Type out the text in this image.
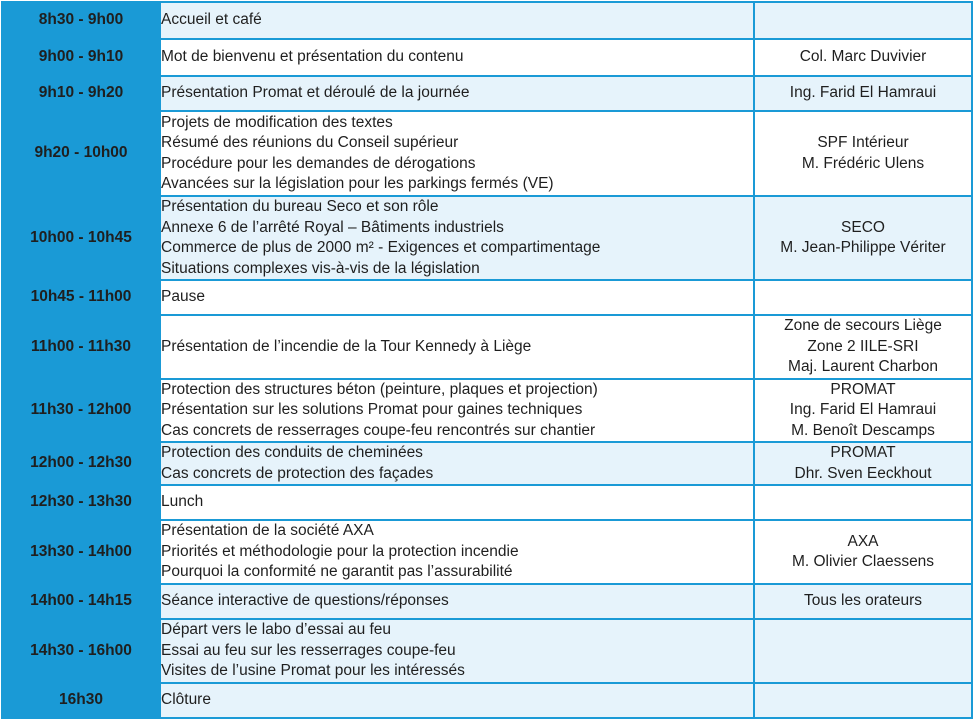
8h30 - 9h00	Accueil et café	

9h00 - 9h10	Mot de bienvenu et présentation du contenu	Col. Marc Duvivier

9h10 - 9h20	Présentation Promat et déroulé de la journée	Ing. Farid El Hamraui

9h20 - 10h00	Projets de modification des textes
Résumé des réunions du Conseil supérieur
Procédure pour les demandes de dérogations
Avancées sur la législation pour les parkings fermés (VE)	SPF Intérieur
M. Frédéric Ulens

10h00 - 10h45	Présentation du bureau Seco et son rôle
Annexe 6 de l’arrêté Royal – Bâtiments industriels
Commerce de plus de 2000 m² - Exigences et compartimentage
Situations complexes vis-à-vis de la législation	SECO
M. Jean-Philippe Vériter

10h45 - 11h00	Pause	

11h00 - 11h30	Présentation de l’incendie de la Tour Kennedy à Liège	Zone de secours Liège
Zone 2 IILE-SRI
Maj. Laurent Charbon

11h30 - 12h00	Protection des structures béton (peinture, plaques et projection)
Présentation sur les solutions Promat pour gaines techniques
Cas concrets de resserrages coupe-feu rencontrés sur chantier	PROMAT
Ing. Farid El Hamraui
M. Benoît Descamps

12h00 - 12h30	Protection des conduits de cheminées
Cas concrets de protection des façades	PROMAT
Dhr. Sven Eeckhout

12h30 - 13h30	Lunch	

13h30 - 14h00	Présentation de la société AXA
Priorités et méthodologie pour la protection incendie
Pourquoi la conformité ne garantit pas l’assurabilité	AXA
M. Olivier Claessens

14h00 - 14h15	Séance interactive de questions/réponses	Tous les orateurs

14h30 - 16h00	Départ vers le labo d’essai au feu
Essai au feu sur les resserrages coupe-feu
Visites de l’usine Promat pour les intéressés	

16h30	Clôture	
